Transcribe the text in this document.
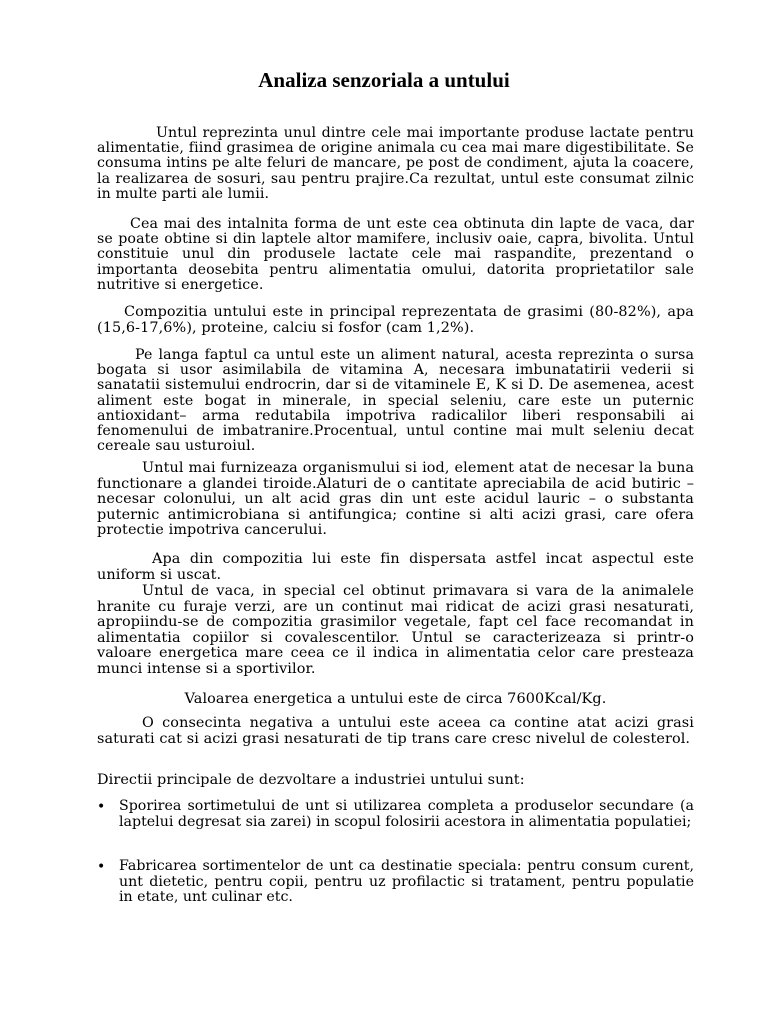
Analiza senzoriala a untului

Untul reprezinta unul dintre cele mai importante produse lactate pentru alimentatie, fiind grasimea de origine animala cu cea mai mare digestibilitate. Se consuma intins pe alte feluri de mancare, pe post de condiment, ajuta la coacere, la realizarea de sosuri, sau pentru prajire.Ca rezultat, untul este consumat zilnic in multe parti ale lumii.

Cea mai des intalnita forma de unt este cea obtinuta din lapte de vaca, dar se poate obtine si din laptele altor mamifere, inclusiv oaie, capra, bivolita. Untul constituie unul din produsele lactate cele mai raspandite, prezentand o importanta deosebita pentru alimentatia omului, datorita proprietatilor sale nutritive si energetice.

Compozitia untului este in principal reprezentata de grasimi (80-82%), apa (15,6-17,6%), proteine, calciu si fosfor (cam 1,2%).

Pe langa faptul ca untul este un aliment natural, acesta reprezinta o sursa bogata si usor asimilabila de vitamina A, necesara imbunatatirii vederii si sanatatii sistemului endrocrin, dar si de vitaminele E, K si D. De asemenea, acest aliment este bogat in minerale, in special seleniu, care este un puternic antioxidant– arma redutabila impotriva radicalilor liberi responsabili ai fenomenului de imbatranire.Procentual, untul contine mai mult seleniu decat cereale sau usturoiul.

Untul mai furnizeaza organismului si iod, element atat de necesar la buna functionare a glandei tiroide.Alaturi de o cantitate apreciabila de acid butiric – necesar colonului, un alt acid gras din unt este acidul lauric – o substanta puternic antimicrobiana si antifungica; contine si alti acizi grasi, care ofera protectie impotriva cancerului.

Apa din compozitia lui este fin dispersata astfel incat aspectul este uniform si uscat.

Untul de vaca, in special cel obtinut primavara si vara de la animalele hranite cu furaje verzi, are un continut mai ridicat de acizi grasi nesaturati, apropiindu-se de compozitia grasimilor vegetale, fapt cel face recomandat in alimentatia copiilor si covalescentilor. Untul se caracterizeaza si printr-o valoare energetica mare ceea ce il indica in alimentatia celor care presteaza munci intense si a sportivilor.

Valoarea energetica a untului este de circa 7600Kcal/Kg.

O consecinta negativa a untului este aceea ca contine atat acizi grasi saturati cat si acizi grasi nesaturati de tip trans care cresc nivelul de colesterol.

Directii principale de dezvoltare a industriei untului sunt:

• Sporirea sortimetului de unt si utilizarea completa a produselor secundare (a laptelui degresat sia zarei) in scopul folosirii acestora in alimentatia populatiei;

• Fabricarea sortimentelor de unt ca destinatie speciala: pentru consum curent, unt dietetic, pentru copii, pentru uz profilactic si tratament, pentru populatie in etate, unt culinar etc.
